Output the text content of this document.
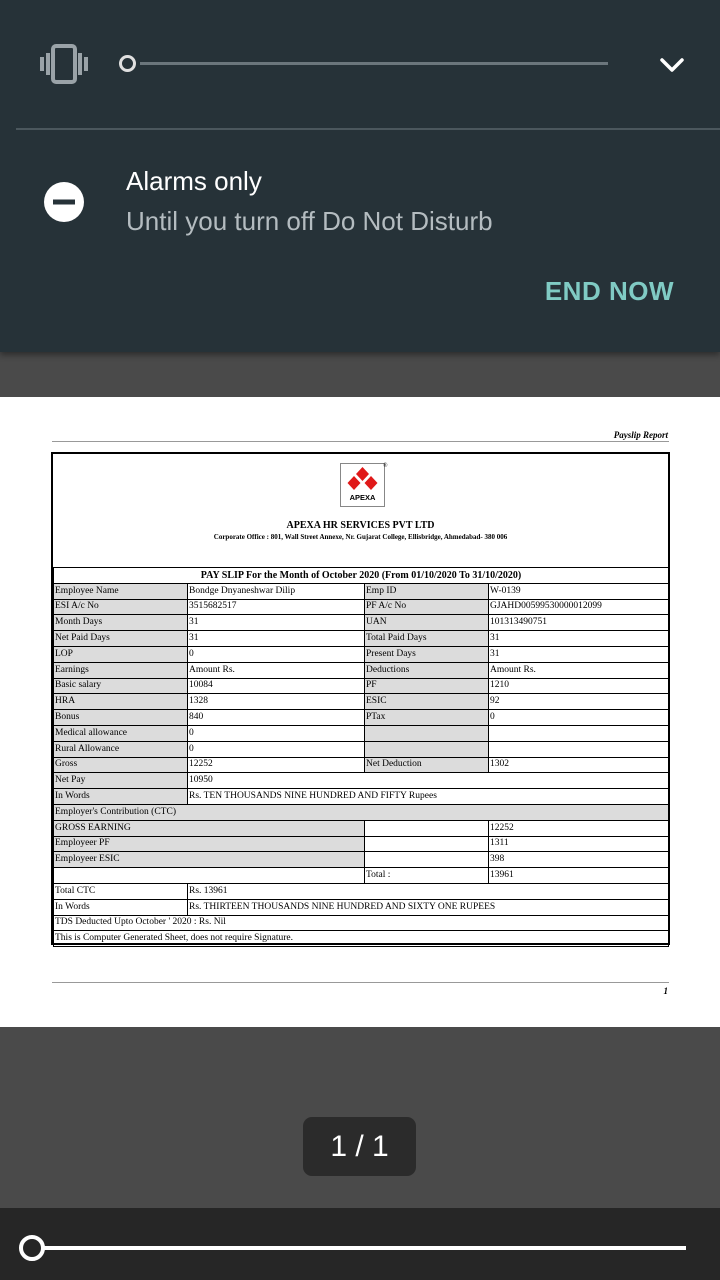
Alarms only
Until you turn off Do Not Disturb
END NOW
Payslip Report
APEXA
®
APEXA HR SERVICES PVT LTD
Corporate Office : 801, Wall Street Annexe, Nr. Gujarat College, Ellisbridge, Ahmedabad- 380 006
PAY SLIP For the Month of October 2020 (From 01/10/2020 To 31/10/2020)			
Employee Name	Bondge Dnyaneshwar Dilip	Emp ID	W-0139
ESI A/c No	3515682517	PF A/c No	GJAHD00599530000012099
Month Days	31	UAN	101313490751
Net Paid Days	31	Total Paid Days	31
LOP	0	Present Days	31
Earnings	Amount Rs.	Deductions	Amount Rs.
Basic salary	10084	PF	1210
HRA	1328	ESIC	92
Bonus	840	PTax	0
Medical allowance	0		
Rural Allowance	0		
Gross	12252	Net Deduction	1302
Net Pay	10950		
In Words	Rs. TEN THOUSANDS NINE HUNDRED AND FIFTY Rupees		
Employer's Contribution (CTC)			
GROSS EARNING			12252
Employeer PF			1311
Employeer ESIC			398
		Total :	13961
Total CTC	Rs. 13961		
In Words	Rs. THIRTEEN THOUSANDS NINE HUNDRED AND SIXTY ONE RUPEES		
TDS Deducted Upto October ' 2020 : Rs. Nil			
This is Computer Generated Sheet, does not require Signature.			
1
1 / 1
